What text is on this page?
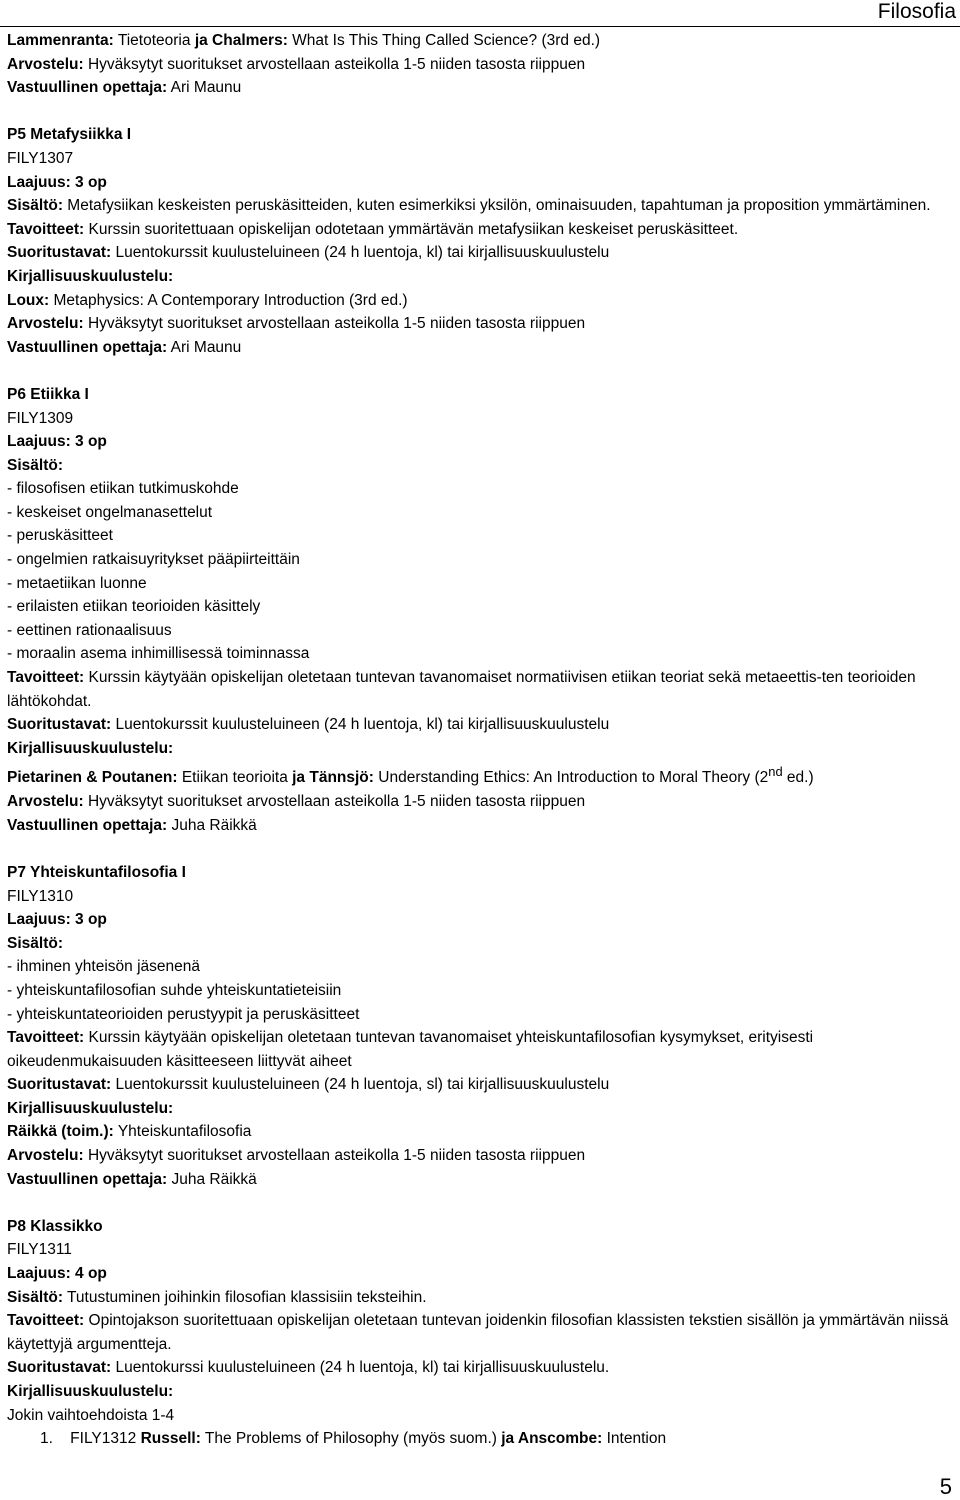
Filosofia
Lammenranta: Tietoteoria ja Chalmers: What Is This Thing Called Science? (3rd ed.)
Arvostelu: Hyväksytyt suoritukset arvostellaan asteikolla 1-5 niiden tasosta riippuen
Vastuullinen opettaja: Ari Maunu
P5 Metafysiikka I
FILY1307
Laajuus: 3 op
Sisältö: Metafysiikan keskeisten peruskäsitteiden, kuten esimerkiksi yksilön, ominaisuuden, tapahtuman ja proposition ymmärtäminen.
Tavoitteet: Kurssin suoritettuaan opiskelijan odotetaan ymmärtävän metafysiikan keskeiset peruskäsitteet.
Suoritustavat: Luentokurssit kuulusteluineen (24 h luentoja, kl) tai kirjallisuuskuulustelu
Kirjallisuuskuulustelu:
Loux: Metaphysics: A Contemporary Introduction (3rd ed.)
Arvostelu: Hyväksytyt suoritukset arvostellaan asteikolla 1-5 niiden tasosta riippuen
Vastuullinen opettaja: Ari Maunu
P6 Etiikka I
FILY1309
Laajuus: 3 op
Sisältö:
- filosofisen etiikan tutkimuskohde
- keskeiset ongelmanasettelut
- peruskäsitteet
- ongelmien ratkaisuyritykset pääpiirteittäin
- metaetiikan luonne
- erilaisten etiikan teorioiden käsittely
- eettinen rationaalisuus
- moraalin asema inhimillisessä toiminnassa
Tavoitteet: Kurssin käytyään opiskelijan oletetaan tuntevan tavanomaiset normatiivisen etiikan teoriat sekä metaeettis-ten teorioiden lähtökohdat.
Suoritustavat: Luentokurssit kuulusteluineen (24 h luentoja, kl) tai kirjallisuuskuulustelu
Kirjallisuuskuulustelu:
Pietarinen & Poutanen: Etiikan teorioita ja Tännsjö: Understanding Ethics: An Introduction to Moral Theory (2nd ed.)
Arvostelu: Hyväksytyt suoritukset arvostellaan asteikolla 1-5 niiden tasosta riippuen
Vastuullinen opettaja: Juha Räikkä
P7 Yhteiskuntafilosofia I
FILY1310
Laajuus: 3 op
Sisältö:
- ihminen yhteisön jäsenenä
- yhteiskuntafilosofian suhde yhteiskuntatieteisiin
- yhteiskuntateorioiden perustyypit ja peruskäsitteet
Tavoitteet: Kurssin käytyään opiskelijan oletetaan tuntevan tavanomaiset yhteiskuntafilosofian kysymykset, erityisesti oikeudenmukaisuuden käsitteeseen liittyvät aiheet
Suoritustavat: Luentokurssit kuulusteluineen (24 h luentoja, sl) tai kirjallisuuskuulustelu
Kirjallisuuskuulustelu:
Räikkä (toim.): Yhteiskuntafilosofia
Arvostelu: Hyväksytyt suoritukset arvostellaan asteikolla 1-5 niiden tasosta riippuen
Vastuullinen opettaja: Juha Räikkä
P8 Klassikko
FILY1311
Laajuus: 4 op
Sisältö: Tutustuminen joihinkin filosofian klassisiin teksteihin.
Tavoitteet: Opintojakson suoritettuaan opiskelijan oletetaan tuntevan joidenkin filosofian klassisten tekstien sisällön ja ymmärtävän niissä käytettyjä argumentteja.
Suoritustavat: Luentokurssi kuulusteluineen (24 h luentoja, kl) tai kirjallisuuskuulustelu.
Kirjallisuuskuulustelu:
Jokin vaihtoehdoista 1-4
1. FILY1312 Russell: The Problems of Philosophy (myös suom.) ja Anscombe: Intention
5
